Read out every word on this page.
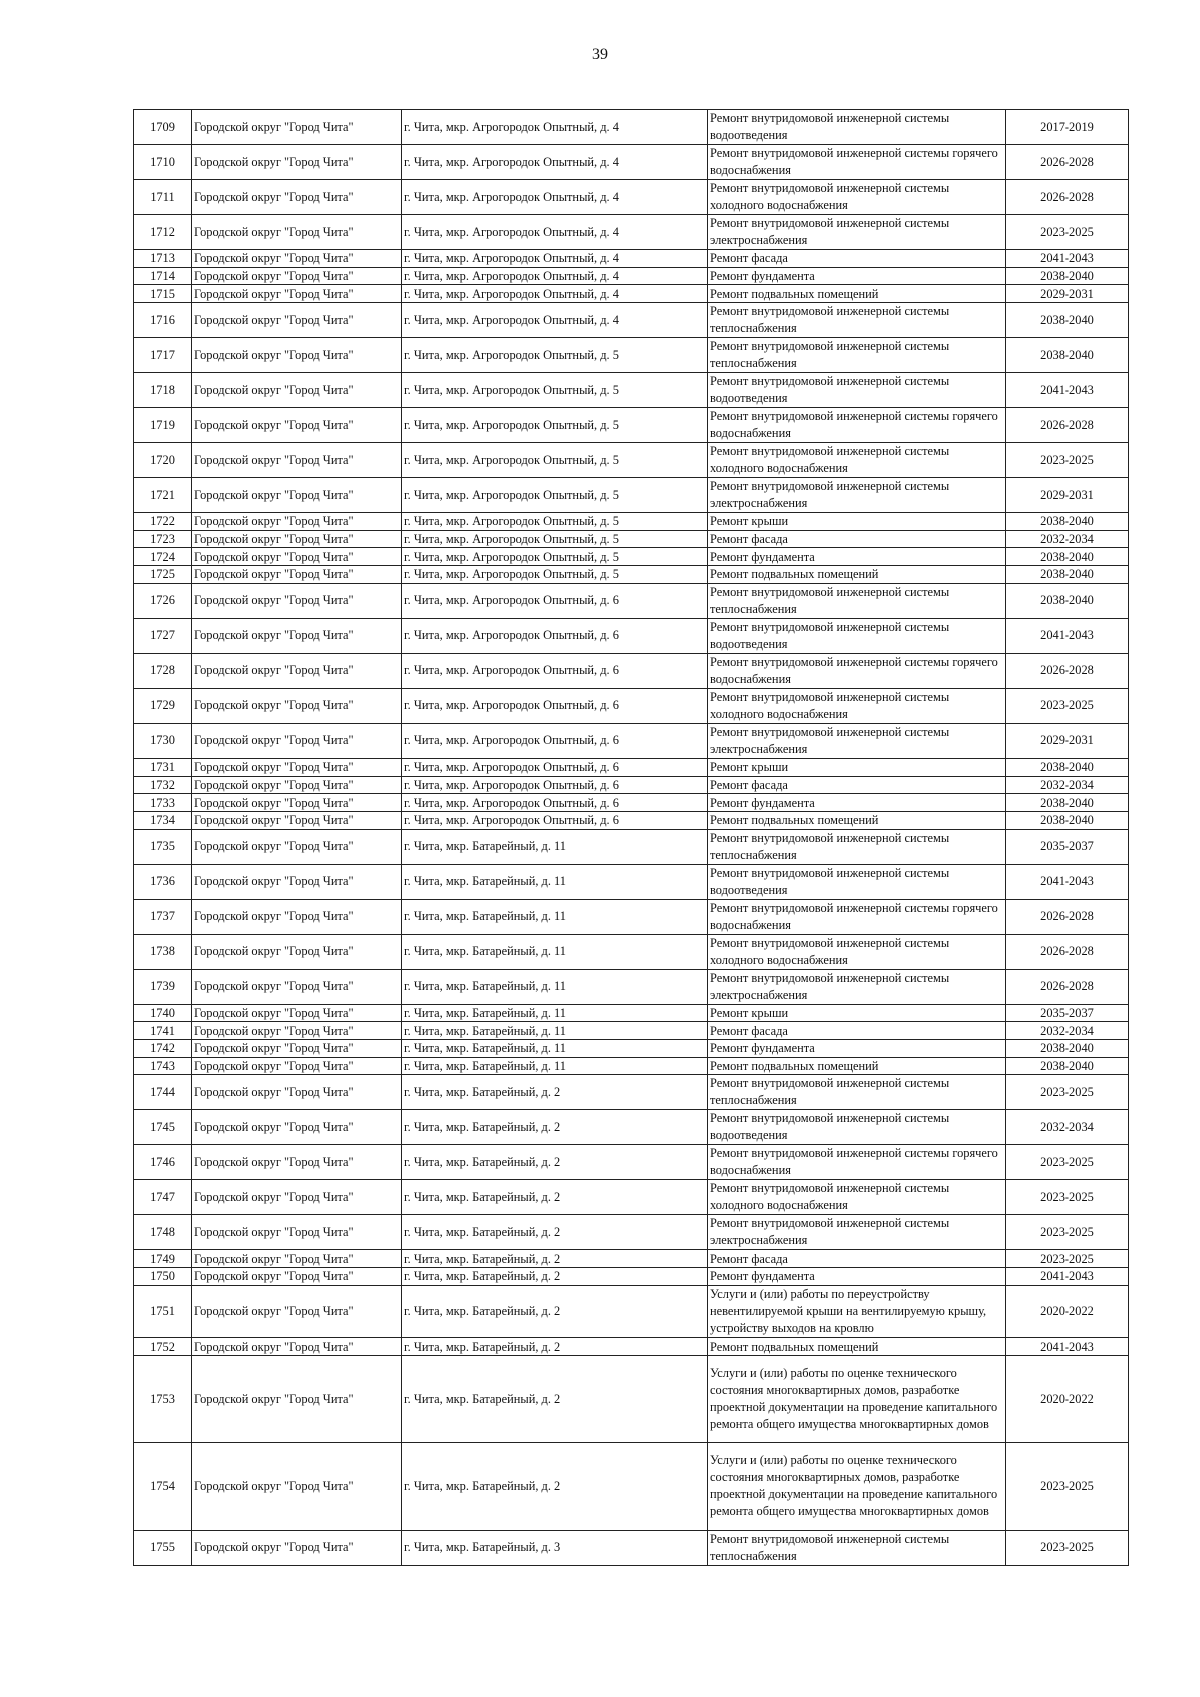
39
1709	Городской округ "Город Чита"	г. Чита, мкр. Агрогородок Опытный, д. 4	Ремонт внутридомовой инженерной системы водоотведения	2017-2019
1710	Городской округ "Город Чита"	г. Чита, мкр. Агрогородок Опытный, д. 4	Ремонт внутридомовой инженерной системы горячего водоснабжения	2026-2028
1711	Городской округ "Город Чита"	г. Чита, мкр. Агрогородок Опытный, д. 4	Ремонт внутридомовой инженерной системы холодного водоснабжения	2026-2028
1712	Городской округ "Город Чита"	г. Чита, мкр. Агрогородок Опытный, д. 4	Ремонт внутридомовой инженерной системы электроснабжения	2023-2025
1713	Городской округ "Город Чита"	г. Чита, мкр. Агрогородок Опытный, д. 4	Ремонт фасада	2041-2043
1714	Городской округ "Город Чита"	г. Чита, мкр. Агрогородок Опытный, д. 4	Ремонт фундамента	2038-2040
1715	Городской округ "Город Чита"	г. Чита, мкр. Агрогородок Опытный, д. 4	Ремонт подвальных помещений	2029-2031
1716	Городской округ "Город Чита"	г. Чита, мкр. Агрогородок Опытный, д. 4	Ремонт внутридомовой инженерной системы теплоснабжения	2038-2040
1717	Городской округ "Город Чита"	г. Чита, мкр. Агрогородок Опытный, д. 5	Ремонт внутридомовой инженерной системы теплоснабжения	2038-2040
1718	Городской округ "Город Чита"	г. Чита, мкр. Агрогородок Опытный, д. 5	Ремонт внутридомовой инженерной системы водоотведения	2041-2043
1719	Городской округ "Город Чита"	г. Чита, мкр. Агрогородок Опытный, д. 5	Ремонт внутридомовой инженерной системы горячего водоснабжения	2026-2028
1720	Городской округ "Город Чита"	г. Чита, мкр. Агрогородок Опытный, д. 5	Ремонт внутридомовой инженерной системы холодного водоснабжения	2023-2025
1721	Городской округ "Город Чита"	г. Чита, мкр. Агрогородок Опытный, д. 5	Ремонт внутридомовой инженерной системы электроснабжения	2029-2031
1722	Городской округ "Город Чита"	г. Чита, мкр. Агрогородок Опытный, д. 5	Ремонт крыши	2038-2040
1723	Городской округ "Город Чита"	г. Чита, мкр. Агрогородок Опытный, д. 5	Ремонт фасада	2032-2034
1724	Городской округ "Город Чита"	г. Чита, мкр. Агрогородок Опытный, д. 5	Ремонт фундамента	2038-2040
1725	Городской округ "Город Чита"	г. Чита, мкр. Агрогородок Опытный, д. 5	Ремонт подвальных помещений	2038-2040
1726	Городской округ "Город Чита"	г. Чита, мкр. Агрогородок Опытный, д. 6	Ремонт внутридомовой инженерной системы теплоснабжения	2038-2040
1727	Городской округ "Город Чита"	г. Чита, мкр. Агрогородок Опытный, д. 6	Ремонт внутридомовой инженерной системы водоотведения	2041-2043
1728	Городской округ "Город Чита"	г. Чита, мкр. Агрогородок Опытный, д. 6	Ремонт внутридомовой инженерной системы горячего водоснабжения	2026-2028
1729	Городской округ "Город Чита"	г. Чита, мкр. Агрогородок Опытный, д. 6	Ремонт внутридомовой инженерной системы холодного водоснабжения	2023-2025
1730	Городской округ "Город Чита"	г. Чита, мкр. Агрогородок Опытный, д. 6	Ремонт внутридомовой инженерной системы электроснабжения	2029-2031
1731	Городской округ "Город Чита"	г. Чита, мкр. Агрогородок Опытный, д. 6	Ремонт крыши	2038-2040
1732	Городской округ "Город Чита"	г. Чита, мкр. Агрогородок Опытный, д. 6	Ремонт фасада	2032-2034
1733	Городской округ "Город Чита"	г. Чита, мкр. Агрогородок Опытный, д. 6	Ремонт фундамента	2038-2040
1734	Городской округ "Город Чита"	г. Чита, мкр. Агрогородок Опытный, д. 6	Ремонт подвальных помещений	2038-2040
1735	Городской округ "Город Чита"	г. Чита, мкр. Батарейный, д. 11	Ремонт внутридомовой инженерной системы теплоснабжения	2035-2037
1736	Городской округ "Город Чита"	г. Чита, мкр. Батарейный, д. 11	Ремонт внутридомовой инженерной системы водоотведения	2041-2043
1737	Городской округ "Город Чита"	г. Чита, мкр. Батарейный, д. 11	Ремонт внутридомовой инженерной системы горячего водоснабжения	2026-2028
1738	Городской округ "Город Чита"	г. Чита, мкр. Батарейный, д. 11	Ремонт внутридомовой инженерной системы холодного водоснабжения	2026-2028
1739	Городской округ "Город Чита"	г. Чита, мкр. Батарейный, д. 11	Ремонт внутридомовой инженерной системы электроснабжения	2026-2028
1740	Городской округ "Город Чита"	г. Чита, мкр. Батарейный, д. 11	Ремонт крыши	2035-2037
1741	Городской округ "Город Чита"	г. Чита, мкр. Батарейный, д. 11	Ремонт фасада	2032-2034
1742	Городской округ "Город Чита"	г. Чита, мкр. Батарейный, д. 11	Ремонт фундамента	2038-2040
1743	Городской округ "Город Чита"	г. Чита, мкр. Батарейный, д. 11	Ремонт подвальных помещений	2038-2040
1744	Городской округ "Город Чита"	г. Чита, мкр. Батарейный, д. 2	Ремонт внутридомовой инженерной системы теплоснабжения	2023-2025
1745	Городской округ "Город Чита"	г. Чита, мкр. Батарейный, д. 2	Ремонт внутридомовой инженерной системы водоотведения	2032-2034
1746	Городской округ "Город Чита"	г. Чита, мкр. Батарейный, д. 2	Ремонт внутридомовой инженерной системы горячего водоснабжения	2023-2025
1747	Городской округ "Город Чита"	г. Чита, мкр. Батарейный, д. 2	Ремонт внутридомовой инженерной системы холодного водоснабжения	2023-2025
1748	Городской округ "Город Чита"	г. Чита, мкр. Батарейный, д. 2	Ремонт внутридомовой инженерной системы электроснабжения	2023-2025
1749	Городской округ "Город Чита"	г. Чита, мкр. Батарейный, д. 2	Ремонт фасада	2023-2025
1750	Городской округ "Город Чита"	г. Чита, мкр. Батарейный, д. 2	Ремонт фундамента	2041-2043
1751	Городской округ "Город Чита"	г. Чита, мкр. Батарейный, д. 2	Услуги и (или) работы по переустройству невентилируемой крыши на вентилируемую крышу, устройству выходов на кровлю	2020-2022
1752	Городской округ "Город Чита"	г. Чита, мкр. Батарейный, д. 2	Ремонт подвальных помещений	2041-2043
1753	Городской округ "Город Чита"	г. Чита, мкр. Батарейный, д. 2	Услуги и (или) работы по оценке технического состояния многоквартирных домов, разработке проектной документации на проведение капитального ремонта общего имущества многоквартирных домов	2020-2022
1754	Городской округ "Город Чита"	г. Чита, мкр. Батарейный, д. 2	Услуги и (или) работы по оценке технического состояния многоквартирных домов, разработке проектной документации на проведение капитального ремонта общего имущества многоквартирных домов	2023-2025
1755	Городской округ "Город Чита"	г. Чита, мкр. Батарейный, д. 3	Ремонт внутридомовой инженерной системы теплоснабжения	2023-2025
